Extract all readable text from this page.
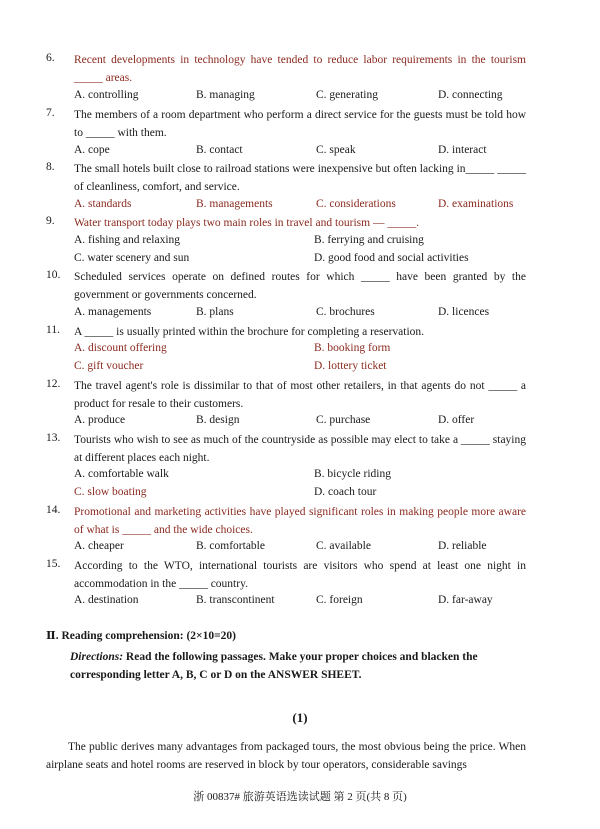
6.	Recent developments in technology have tended to reduce labor requirements in the tourism _____ areas.
A. controlling	B. managing	C. generating	D. connecting
7.	The members of a room department who perform a direct service for the guests must be told how to _____ with them.
A. cope	B. contact	C. speak	D. interact
8.	The small hotels built close to railroad stations were inexpensive but often lacking in_____ _____ of cleanliness, comfort, and service.
A. standards	B. managements	C. considerations	D. examinations
9.	Water transport today plays two main roles in travel and tourism — _____.
A. fishing and relaxing	B. ferrying and cruising
C. water scenery and sun	D. good food and social activities
10.	Scheduled services operate on defined routes for which _____ have been granted by the government or governments concerned.
A. managements	B. plans	C. brochures	D. licences
11.	A _____ is usually printed within the brochure for completing a reservation.
A. discount offering	B. booking form
C. gift voucher	D. lottery ticket
12.	The travel agent's role is dissimilar to that of most other retailers, in that agents do not _____ a product for resale to their customers.
A. produce	B. design	C. purchase	D. offer
13.	Tourists who wish to see as much of the countryside as possible may elect to take a _____ staying at different places each night.
A. comfortable walk	B. bicycle riding
C. slow boating	D. coach tour
14.	Promotional and marketing activities have played significant roles in making people more aware of what is _____ and the wide choices.
A. cheaper	B. comfortable	C. available	D. reliable
15.	According to the WTO, international tourists are visitors who spend at least one night in accommodation in the _____ country.
A. destination	B. transcontinent	C. foreign	D. far-away
Ⅱ. Reading comprehension: (2×10=20)
Directions: Read the following passages. Make your proper choices and blacken the corresponding letter A, B, C or D on the ANSWER SHEET.
(1)
The public derives many advantages from packaged tours, the most obvious being the price. When airplane seats and hotel rooms are reserved in block by tour operators, considerable savings
浙 00837# 旅游英语选读试题 第 2 页(共 8 页)
